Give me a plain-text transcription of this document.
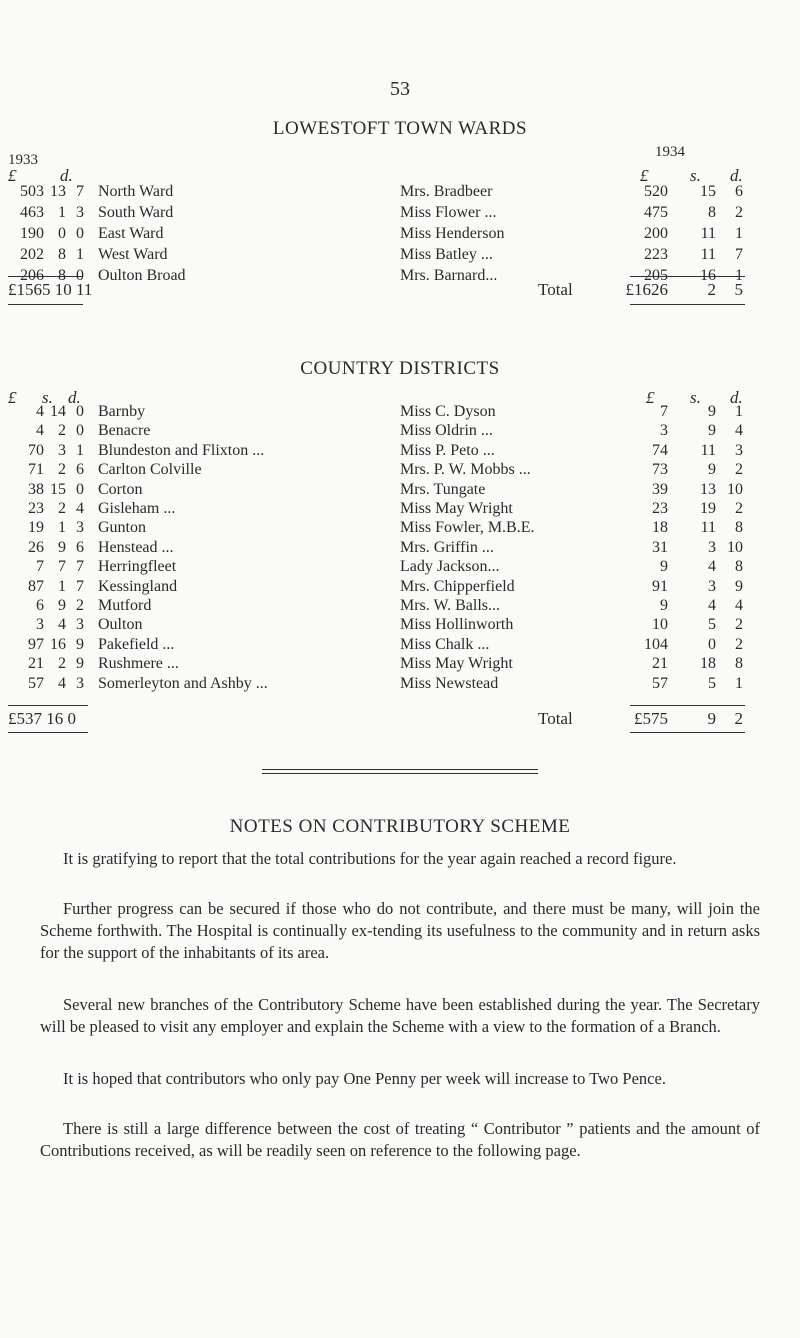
53
LOWESTOFT TOWN WARDS
1933	1934
£	d.	£ s. d.
503 13 7 North Ward	Mrs. Bradbeer	520	15	6
463 1 3 South Ward	Miss Flower ...	475	8	2
190 0 0 East Ward	Miss Henderson	200	11	1
202 8 1 West Ward	Miss Batley ...	223	11	7
206 8 0 Oulton Broad	Mrs. Barnard...	205	16	1
£1565 10 11	Total	£1626	2	5
COUNTRY DISTRICTS
£ s. d.	£ s. d.
4 14 0 Barnby	Miss C. Dyson	7	9	1
4 2 0 Benacre	Miss Oldrin ...	3	9	4
70 3 1 Blundeston and Flixton ...	Miss P. Peto ...	74	11	3
71 2 6 Carlton Colville	Mrs. P. W. Mobbs ...	73	9	2
38 15 0 Corton	Mrs. Tungate	39	13 10
23 2 4 Gisleham ...	Miss May Wright	23	19	2
19 1 3 Gunton	Miss Fowler, M.B.E.	18	11	8
26 9 6 Henstead ...	Mrs. Griffin ...	31	3 10
7 7 7 Herringfleet	Lady Jackson...	9	4	8
87 1 7 Kessingland	Mrs. Chipperfield	91	3	9
6 9 2 Mutford	Mrs. W. Balls...	9	4	4
3 4 3 Oulton	Miss Hollinworth	10	5	2
97 16 9 Pakefield ...	Miss Chalk ...	104	0	2
21 2 9 Rushmere ...	Miss May Wright	21	18	8
57 4 3 Somerleyton and Ashby ...	Miss Newstead	57	5	1
£537 16 0	Total	£575	9	2
NOTES ON CONTRIBUTORY SCHEME
It is gratifying to report that the total contributions for the year again reached a record figure.
Further progress can be secured if those who do not contribute, and there must be many, will join the Scheme forthwith. The Hospital is continually ex-tending its usefulness to the community and in return asks for the support of the inhabitants of its area.
Several new branches of the Contributory Scheme have been established during the year. The Secretary will be pleased to visit any employer and explain the Scheme with a view to the formation of a Branch.
It is hoped that contributors who only pay One Penny per week will increase to Two Pence.
There is still a large difference between the cost of treating “ Contributor ” patients and the amount of Contributions received, as will be readily seen on reference to the following page.
